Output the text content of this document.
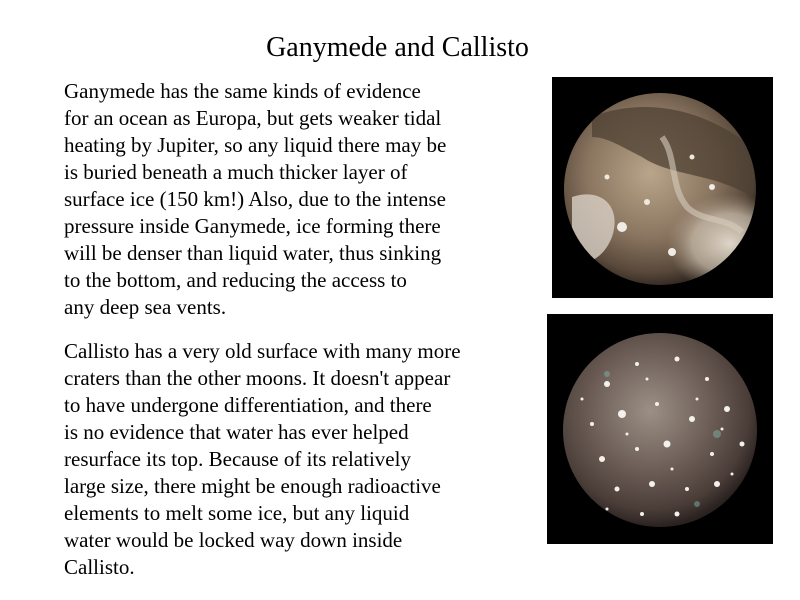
Ganymede and Callisto

Ganymede has the same kinds of evidence
for an ocean as Europa, but gets weaker tidal
heating by Jupiter, so any liquid there may be
is buried beneath a much thicker layer of
surface ice (150 km!) Also, due to the intense
pressure inside Ganymede, ice forming there
will be denser than liquid water, thus sinking
to the bottom, and reducing the access to
any deep sea vents.

Callisto has a very old surface with many more
craters than the other moons. It doesn't appear
to have undergone differentiation, and there
is no evidence that water has ever helped
resurface its top. Because of its relatively
large size, there might be enough radioactive
elements to melt some ice, but any liquid
water would be locked way down inside
Callisto.
